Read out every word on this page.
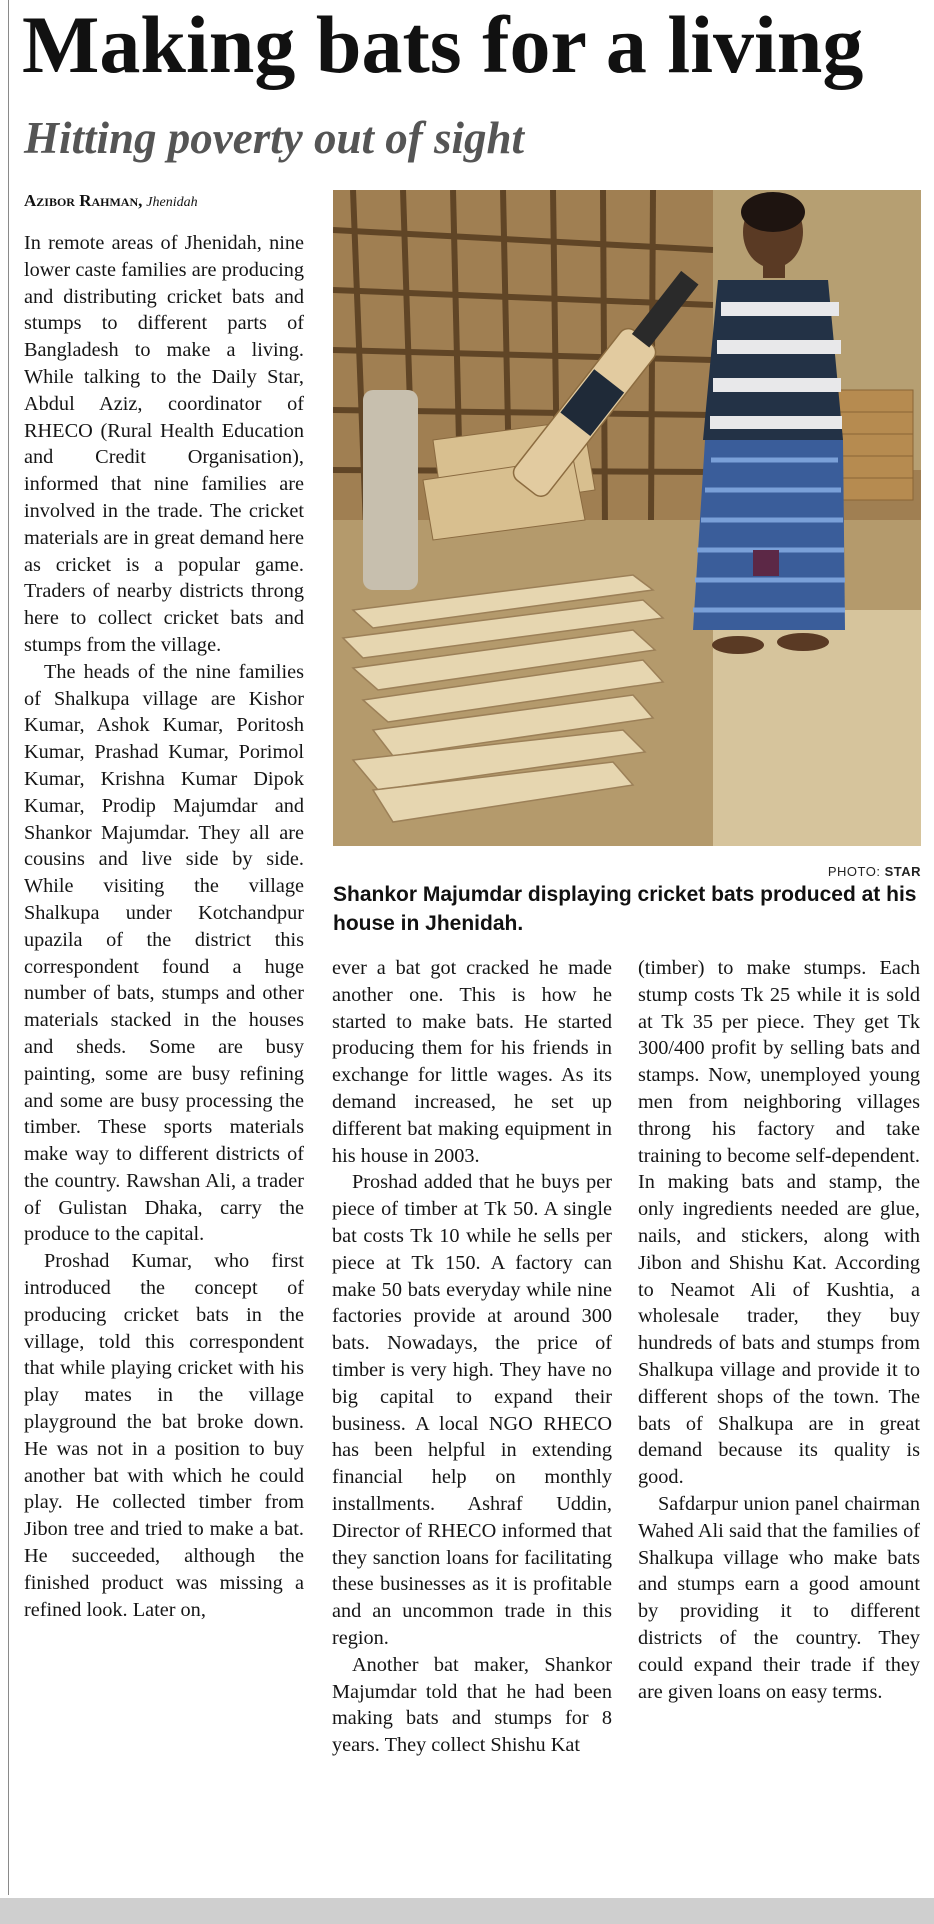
Making bats for a living
Hitting poverty out of sight
Azibor Rahman, Jhenidah

In remote areas of Jhenidah, nine lower caste families are producing and distributing cricket bats and stumps to different parts of Bangladesh to make a living. While talking to the Daily Star, Abdul Aziz, coordinator of RHECO (Rural Health Education and Credit Organisation), informed that nine families are involved in the trade. The cricket materials are in great demand here as cricket is a popular game. Traders of nearby districts throng here to collect cricket bats and stumps from the village.

The heads of the nine families of Shalkupa village are Kishor Kumar, Ashok Kumar, Poritosh Kumar, Prashad Kumar, Porimol Kumar, Krishna Kumar Dipok Kumar, Prodip Majumdar and Shankor Majumdar. They all are cousins and live side by side. While visiting the village Shalkupa under Kotchandpur upazila of the district this correspondent found a huge number of bats, stumps and other materials stacked in the houses and sheds. Some are busy painting, some are busy refining and some are busy processing the timber. These sports materials make way to different districts of the country. Rawshan Ali, a trader of Gulistan Dhaka, carry the produce to the capital.

Proshad Kumar, who first introduced the concept of producing cricket bats in the village, told this correspondent that while playing cricket with his play mates in the village playground the bat broke down. He was not in a position to buy another bat with which he could play. He collected timber from Jibon tree and tried to make a bat. He succeeded, although the finished product was missing a refined look. Later on,

PHOTO: STAR
Shankor Majumdar displaying cricket bats produced at his house in Jhenidah.

ever a bat got cracked he made another one. This is how he started to make bats. He started producing them for his friends in exchange for little wages. As its demand increased, he set up different bat making equipment in his house in 2003.

Proshad added that he buys per piece of timber at Tk 50. A single bat costs Tk 10 while he sells per piece at Tk 150. A factory can make 50 bats everyday while nine factories provide at around 300 bats. Nowadays, the price of timber is very high. They have no big capital to expand their business. A local NGO RHECO has been helpful in extending financial help on monthly installments. Ashraf Uddin, Director of RHECO informed that they sanction loans for facilitating these businesses as it is profitable and an uncommon trade in this region.

Another bat maker, Shankor Majumdar told that he had been making bats and stumps for 8 years. They collect Shishu Kat

(timber) to make stumps. Each stump costs Tk 25 while it is sold at Tk 35 per piece. They get Tk 300/400 profit by selling bats and stamps. Now, unemployed young men from neighboring villages throng his factory and take training to become self-dependent. In making bats and stamp, the only ingredients needed are glue, nails, and stickers, along with Jibon and Shishu Kat. According to Neamot Ali of Kushtia, a wholesale trader, they buy hundreds of bats and stumps from Shalkupa village and provide it to different shops of the town. The bats of Shalkupa are in great demand because its quality is good.

Safdarpur union panel chairman Wahed Ali said that the families of Shalkupa village who make bats and stumps earn a good amount by providing it to different districts of the country. They could expand their trade if they are given loans on easy terms.
